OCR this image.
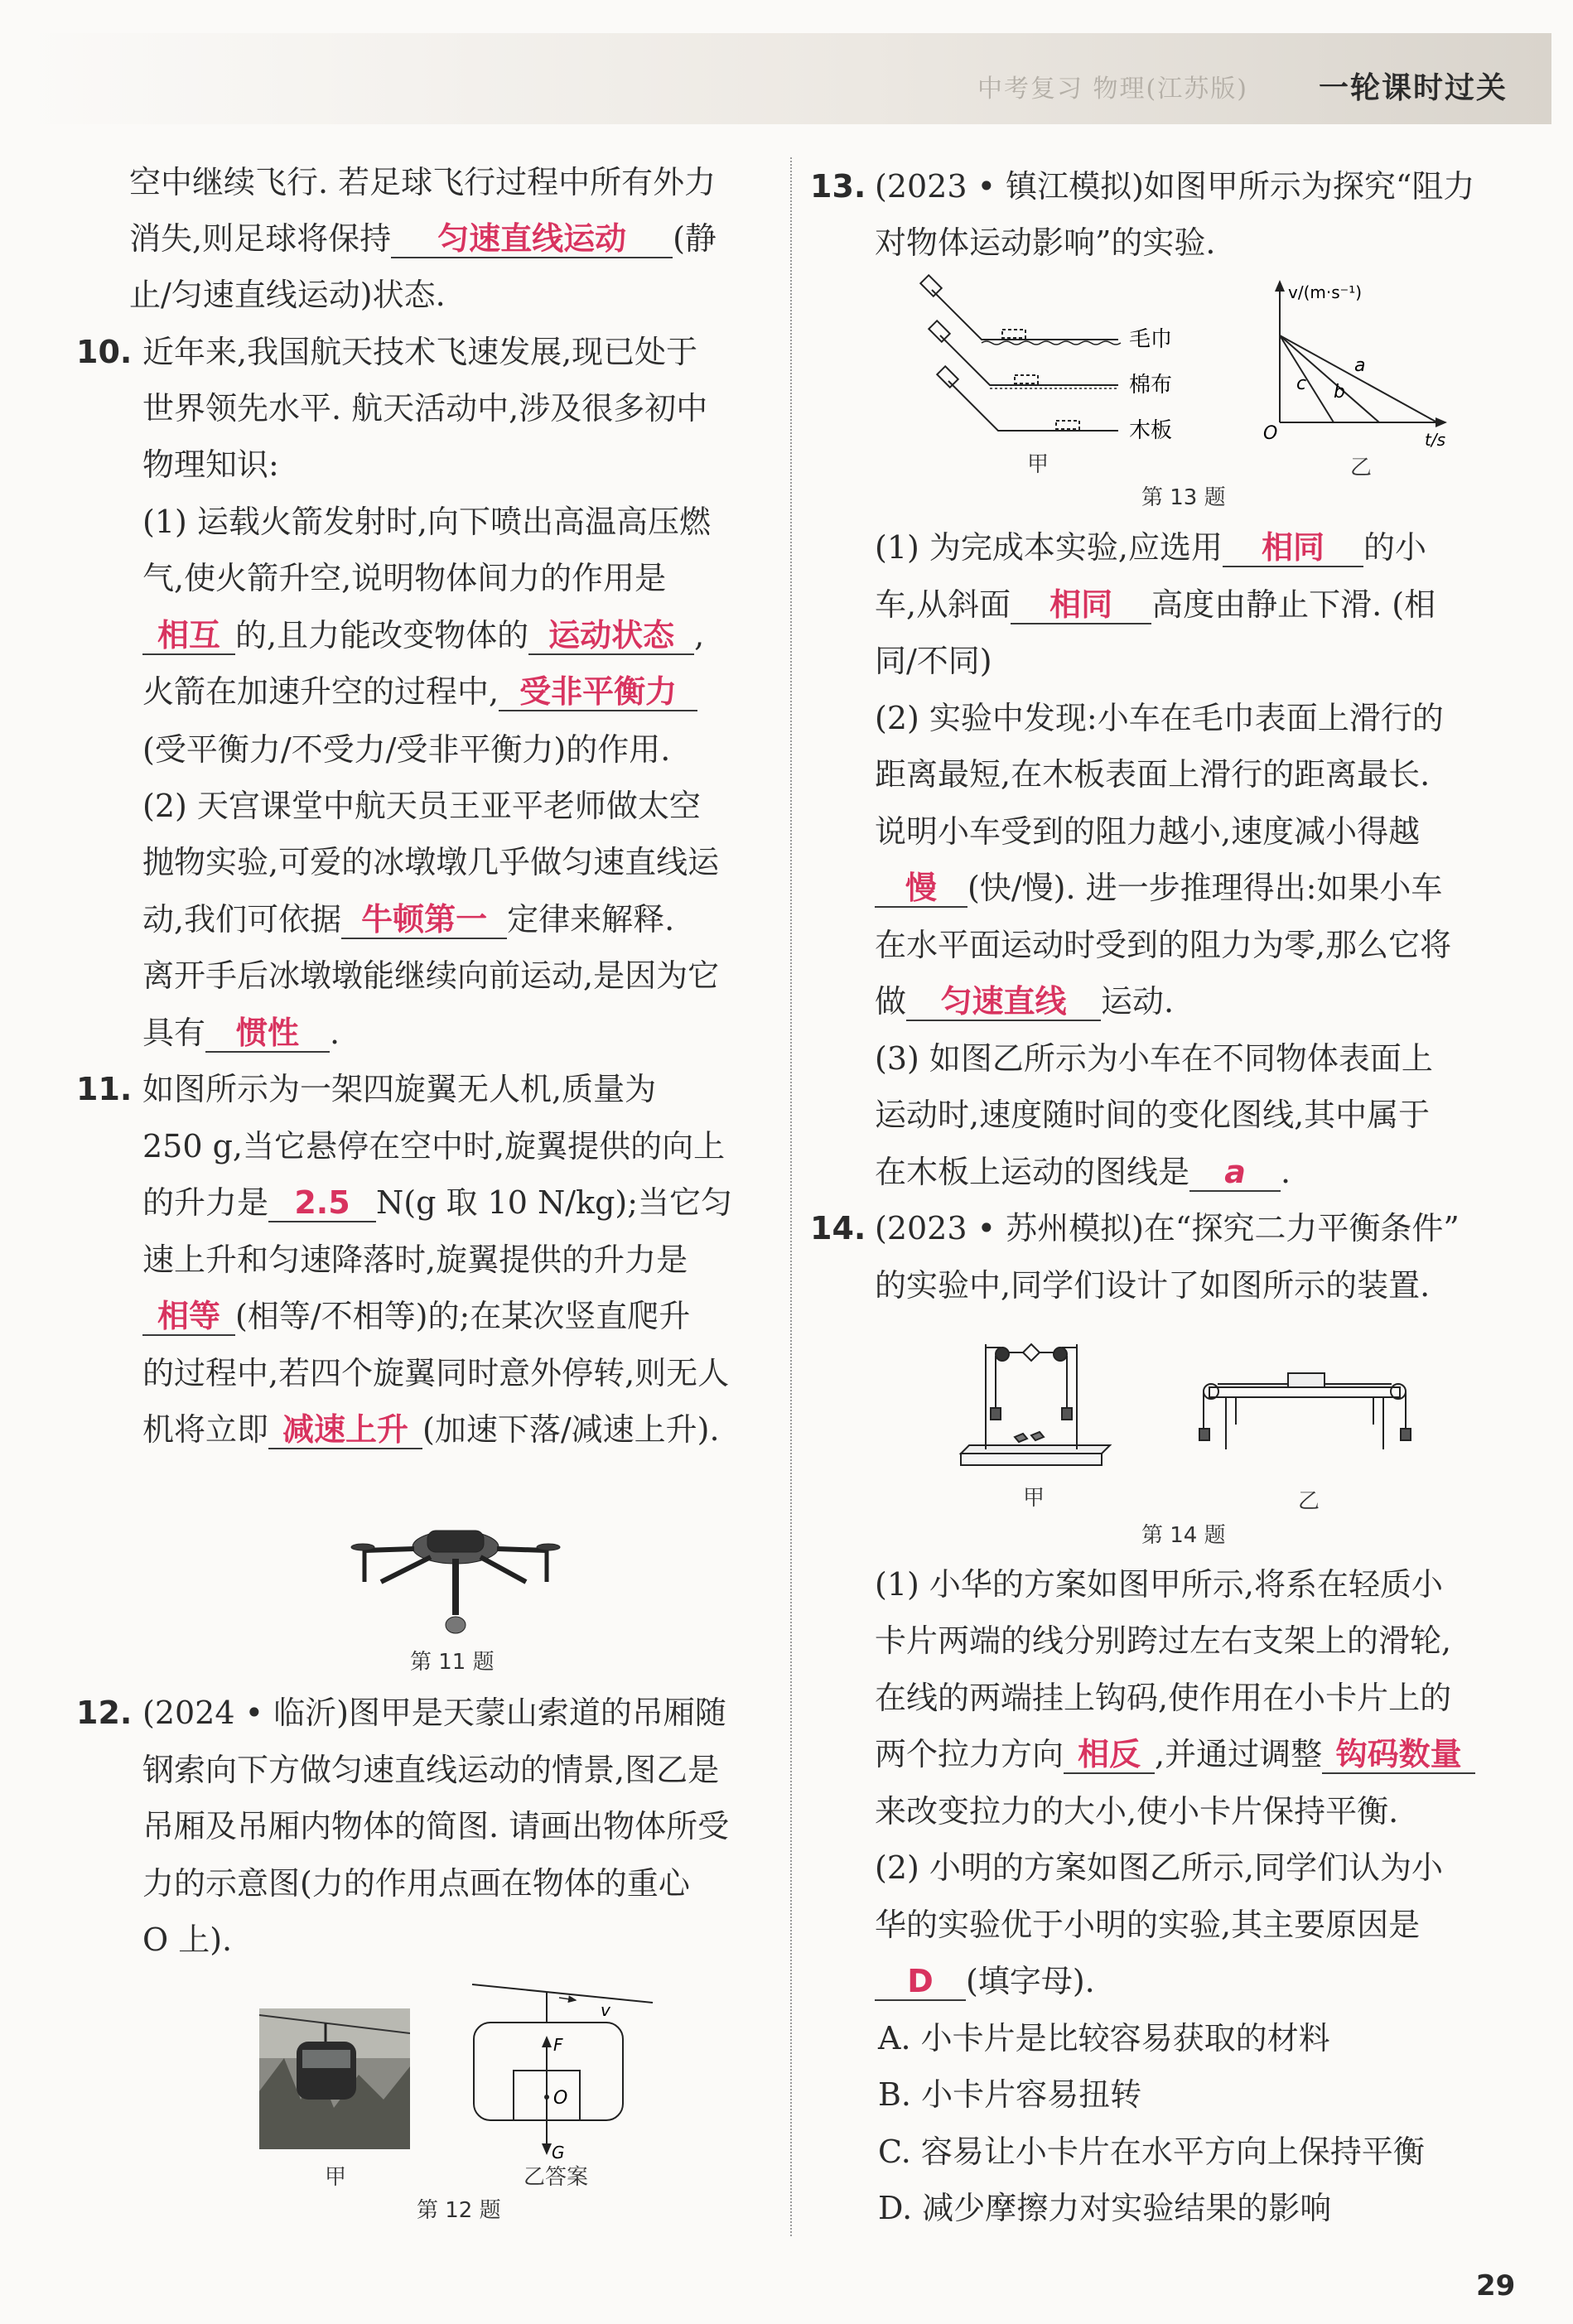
中考复习 物理(江苏版) 一轮课时过关
空中继续飞行. 若足球飞行过程中所有外力
消失,则足球将保持 匀速直线运动 (静
止/匀速直线运动)状态.
10. 近年来,我国航天技术飞速发展,现已处于
世界领先水平. 航天活动中,涉及很多初中
物理知识:
(1) 运载火箭发射时,向下喷出高温高压燃
气,使火箭升空,说明物体间力的作用是
相互 的,且力能改变物体的 运动状态 ,
火箭在加速升空的过程中, 受非平衡力
(受平衡力/不受力/受非平衡力)的作用.
(2) 天宫课堂中航天员王亚平老师做太空
抛物实验,可爱的冰墩墩几乎做匀速直线运
动,我们可依据 牛顿第一 定律来解释.
离开手后冰墩墩能继续向前运动,是因为它
具有 惯性 .
11. 如图所示为一架四旋翼无人机,质量为
250 g,当它悬停在空中时,旋翼提供的向上
的升力是 2.5 N(g 取 10 N/kg);当它匀
速上升和匀速降落时,旋翼提供的升力是
相等 (相等/不相等)的;在某次竖直爬升
的过程中,若四个旋翼同时意外停转,则无人
机将立即 减速上升 (加速下落/减速上升).
第 11 题
12. (2024 • 临沂)图甲是天蒙山索道的吊厢随
钢索向下方做匀速直线运动的情景,图乙是
吊厢及吊厢内物体的简图. 请画出物体所受
力的示意图(力的作用点画在物体的重心
O 上).
甲
v
F
O
G
乙答案
第 12 题
13. (2023 • 镇江模拟)如图甲所示为探究“阻力
对物体运动影响”的实验.
毛巾
棉布
木板
甲
v/(m·s⁻¹)
t/s
O
a
b
c
乙
第 13 题
(1) 为完成本实验,应选用 相同 的小
车,从斜面 相同 高度由静止下滑. (相
同/不同)
(2) 实验中发现:小车在毛巾表面上滑行的
距离最短,在木板表面上滑行的距离最长.
说明小车受到的阻力越小,速度减小得越
慢 (快/慢). 进一步推理得出:如果小车
在水平面运动时受到的阻力为零,那么它将
做 匀速直线 运动.
(3) 如图乙所示为小车在不同物体表面上
运动时,速度随时间的变化图线,其中属于
在木板上运动的图线是 a .
14. (2023 • 苏州模拟)在“探究二力平衡条件”
的实验中,同学们设计了如图所示的装置.
甲	乙
第 14 题
(1) 小华的方案如图甲所示,将系在轻质小
卡片两端的线分别跨过左右支架上的滑轮,
在线的两端挂上钩码,使作用在小卡片上的
两个拉力方向 相反 ,并通过调整 钩码数量
来改变拉力的大小,使小卡片保持平衡.
(2) 小明的方案如图乙所示,同学们认为小
华的实验优于小明的实验,其主要原因是
D (填字母).
A. 小卡片是比较容易获取的材料
B. 小卡片容易扭转
C. 容易让小卡片在水平方向上保持平衡
D. 减少摩擦力对实验结果的影响
29
